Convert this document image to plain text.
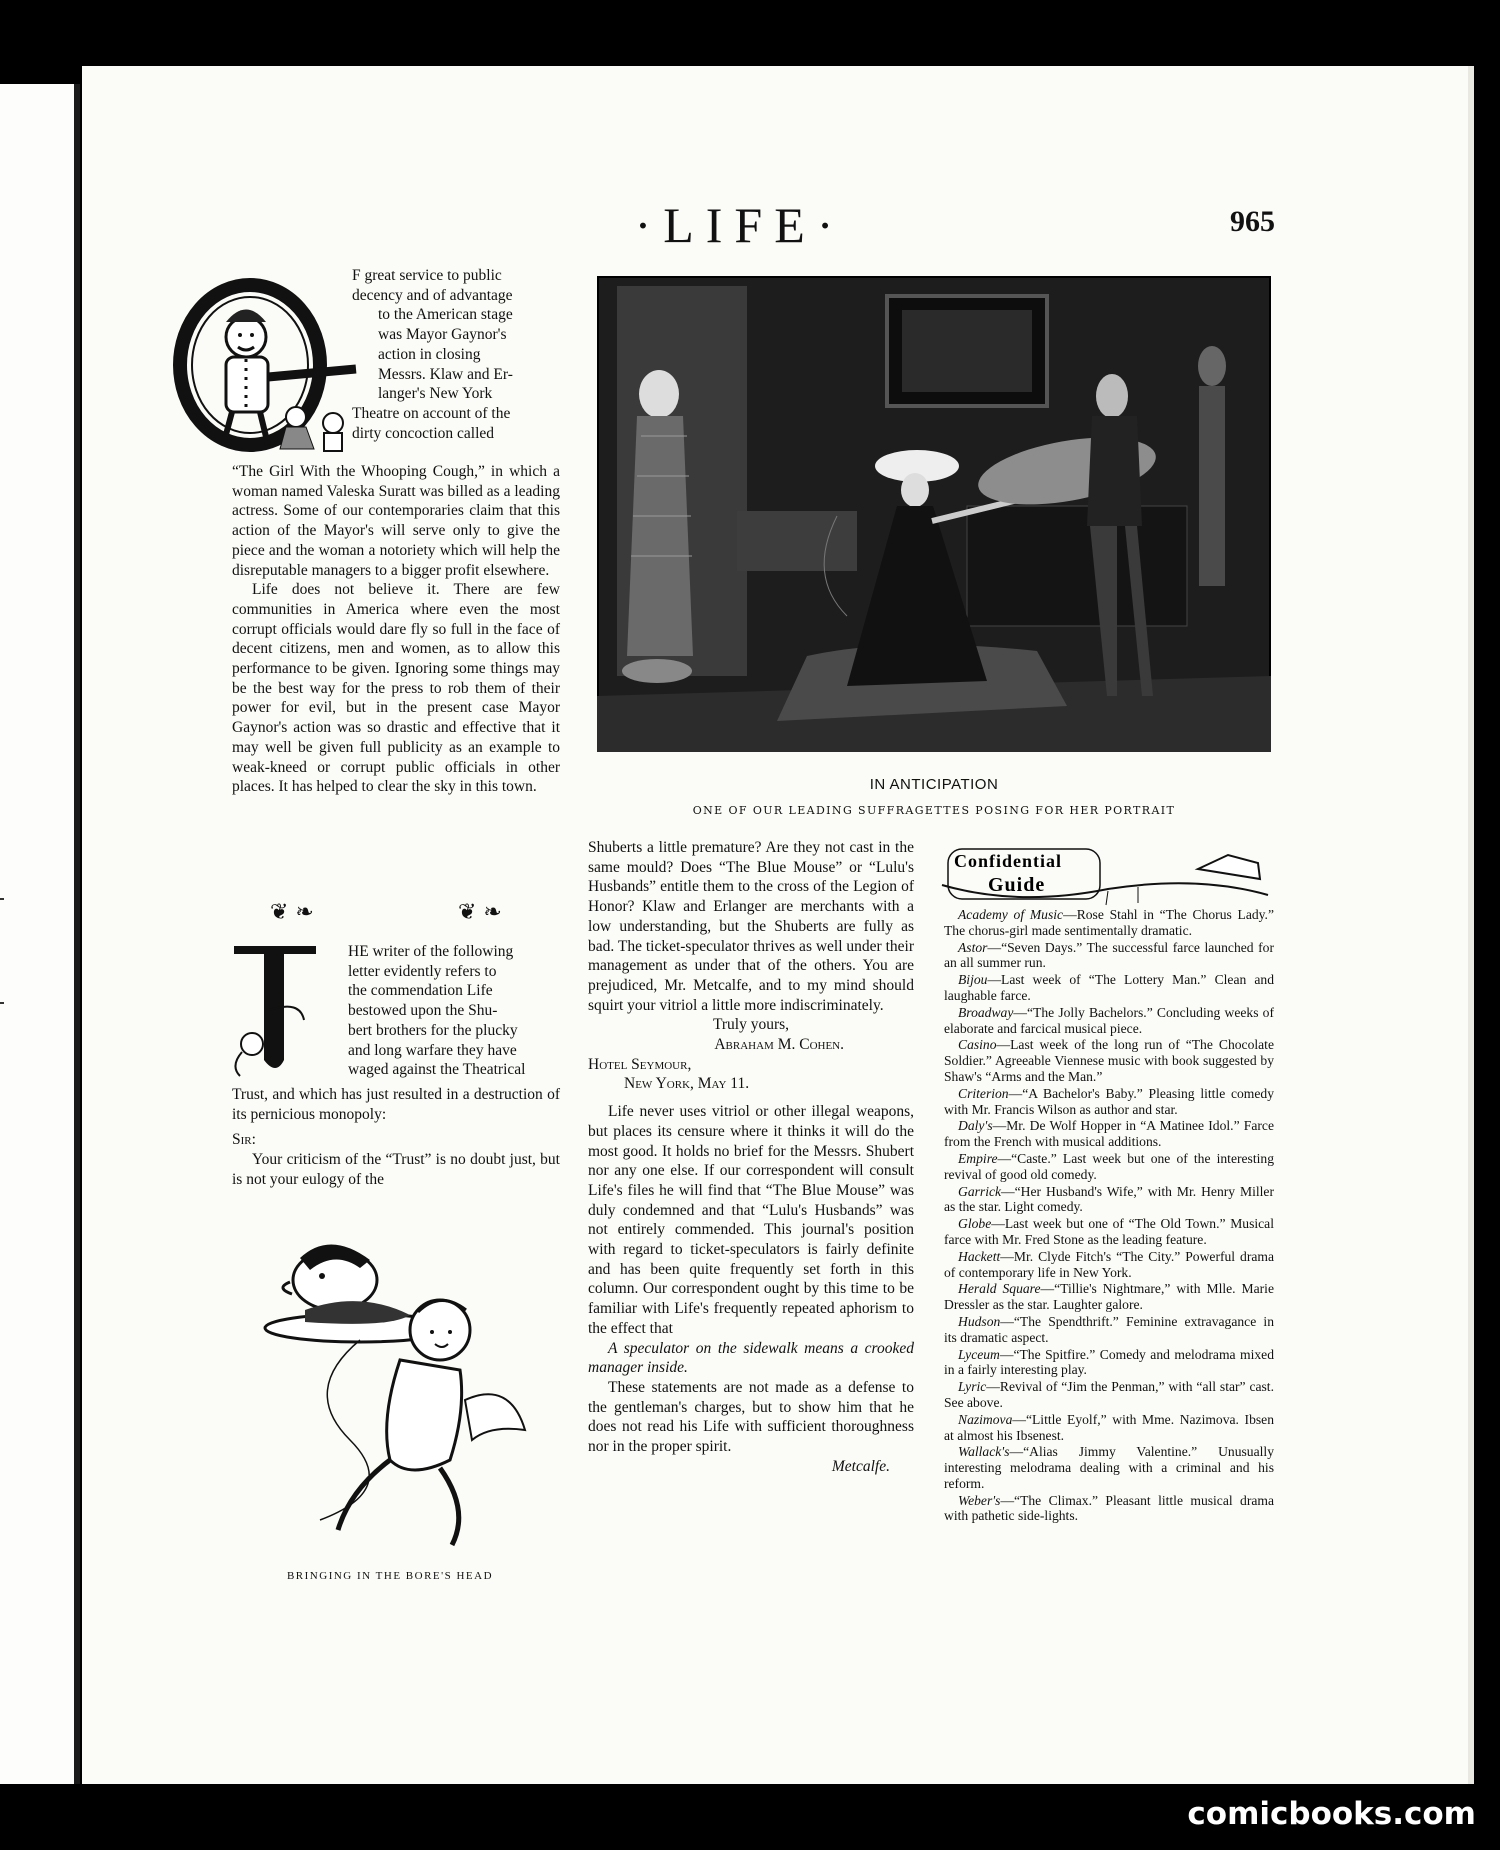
·LIFE·	965

F great service to public

decency and of advantage

to the American stage

was Mayor Gaynor's

action in closing

Messrs. Klaw and Er-

langer's New York

Theatre on account of the

dirty concoction called

“The Girl With the Whooping Cough,” in which a woman named Valeska Suratt was billed as a leading actress. Some of our contemporaries claim that this action of the Mayor's will serve only to give the piece and the woman a notoriety which will help the disreputable managers to a bigger profit elsewhere.

Life does not believe it. There are few communities in America where even the most corrupt officials would dare fly so full in the face of decent citizens, men and women, as to allow this performance to be given. Ignoring some things may be the best way for the press to rob them of their power for evil, but in the present case Mayor Gaynor's action was so drastic and effective that it may well be given full publicity as an example to weak-kneed or corrupt public officials in other places. It has helped to clear the sky in this town.

❦ ❧	❦ ❧

HE writer of the following

letter evidently refers to

the commendation Life

bestowed upon the Shu-

bert brothers for the plucky

and long warfare they have

waged against the Theatrical

Trust, and which has just resulted in a destruction of its pernicious monopoly:

Sir:

Your criticism of the “Trust” is no doubt just, but is not your eulogy of the

BRINGING IN THE BORE'S HEAD
IN ANTICIPATION
ONE OF OUR LEADING SUFFRAGETTES POSING FOR HER PORTRAIT

Shuberts a little premature? Are they not cast in the same mould? Does “The Blue Mouse” or “Lulu's Husbands” entitle them to the cross of the Legion of Honor? Klaw and Erlanger are merchants with a low understanding, but the Shuberts are fully as bad. The ticket-speculator thrives as well under their management as under that of the others. You are prejudiced, Mr. Metcalfe, and to my mind should squirt your vitriol a little more indiscriminately.

Truly yours,

Abraham M. Cohen.

Hotel Seymour,

New York, May 11.

Life never uses vitriol or other illegal weapons, but places its censure where it thinks it will do the most good. It holds no brief for the Messrs. Shubert nor any one else. If our correspondent will consult Life's files he will find that “The Blue Mouse” was duly condemned and that “Lulu's Husbands” was not entirely commended. This journal's position with regard to ticket-speculators is fairly definite and has been quite frequently set forth in this column. Our correspondent ought by this time to be familiar with Life's frequently repeated aphorism to the effect that

A speculator on the sidewalk means a crooked manager inside.

These statements are not made as a defense to the gentleman's charges, but to show him that he does not read his Life with sufficient thoroughness nor in the proper spirit.

Metcalfe.

Confidential
Guide

Academy of Music—Rose Stahl in “The Chorus Lady.” The chorus-girl made sentimentally dramatic.

Astor—“Seven Days.” The successful farce launched for an all summer run.

Bijou—Last week of “The Lottery Man.” Clean and laughable farce.

Broadway—“The Jolly Bachelors.” Concluding weeks of elaborate and farcical musical piece.

Casino—Last week of the long run of “The Chocolate Soldier.” Agreeable Viennese music with book suggested by Shaw's “Arms and the Man.”

Criterion—“A Bachelor's Baby.” Pleasing little comedy with Mr. Francis Wilson as author and star.

Daly's—Mr. De Wolf Hopper in “A Matinee Idol.” Farce from the French with musical additions.

Empire—“Caste.” Last week but one of the interesting revival of good old comedy.

Garrick—“Her Husband's Wife,” with Mr. Henry Miller as the star. Light comedy.

Globe—Last week but one of “The Old Town.” Musical farce with Mr. Fred Stone as the leading feature.

Hackett—Mr. Clyde Fitch's “The City.” Powerful drama of contemporary life in New York.

Herald Square—“Tillie's Nightmare,” with Mlle. Marie Dressler as the star. Laughter galore.

Hudson—“The Spendthrift.” Feminine extravagance in its dramatic aspect.

Lyceum—“The Spitfire.” Comedy and melodrama mixed in a fairly interesting play.

Lyric—Revival of “Jim the Penman,” with “all star” cast. See above.

Nazimova—“Little Eyolf,” with Mme. Nazimova. Ibsen at almost his Ibsenest.

Wallack's—“Alias Jimmy Valentine.” Unusually interesting melodrama dealing with a criminal and his reform.

Weber's—“The Climax.” Pleasant little musical drama with pathetic side-lights.

comicbooks.com
